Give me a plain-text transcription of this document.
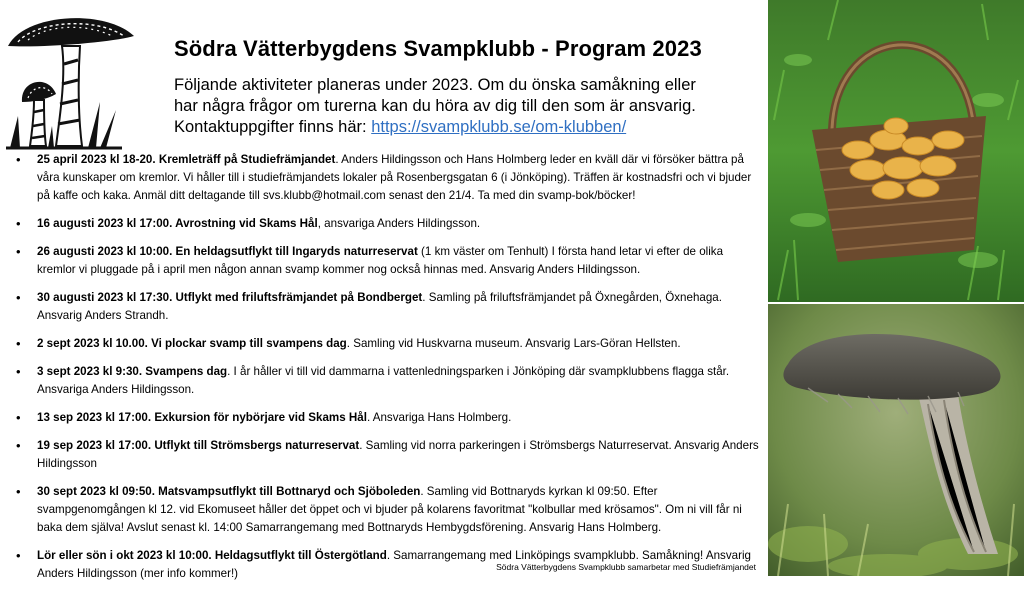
Södra Vätterbygdens Svampklubb - Program 2023
Följande aktiviteter planeras under 2023. Om du önska samåkning eller
har några frågor om turerna kan du höra av dig till den som är ansvarig.
Kontaktuppgifter finns här: https://svampklubb.se/om-klubben/
• 25 april 2023 kl 18-20. Kremleträff på Studiefrämjandet. Anders Hildingsson och Hans Holmberg leder en kväll där vi försöker bättra på våra kunskaper om kremlor. Vi håller till i studiefrämjandets lokaler på Rosenbergsgatan 6 (i Jönköping). Träffen är kostnadsfri och vi bjuder på kaffe och kaka. Anmäl ditt deltagande till svs.klubb@hotmail.com senast den 21/4. Ta med din svamp-bok/böcker!
• 16 augusti 2023 kl 17:00. Avrostning vid Skams Hål, ansvariga Anders Hildingsson.
• 26 augusti 2023 kl 10:00. En heldagsutflykt till Ingaryds naturreservat (1 km väster om Tenhult) I första hand letar vi efter de olika kremlor vi pluggade på i april men någon annan svamp kommer nog också hinnas med. Ansvarig Anders Hildingsson.
• 30 augusti 2023 kl 17:30. Utflykt med friluftsfrämjandet på Bondberget. Samling på friluftsfrämjandet på Öxnegården, Öxnehaga. Ansvarig Anders Strandh.
• 2 sept 2023 kl 10.00. Vi plockar svamp till svampens dag. Samling vid Huskvarna museum. Ansvarig Lars-Göran Hellsten.
• 3 sept 2023 kl 9:30. Svampens dag. I år håller vi till vid dammarna i vattenledningsparken i Jönköping där svampklubbens flagga står. Ansvariga Anders Hildingsson.
• 13 sep 2023 kl 17:00. Exkursion för nybörjare vid Skams Hål. Ansvariga Hans Holmberg.
• 19 sep 2023 kl 17:00. Utflykt till Strömsbergs naturreservat. Samling vid norra parkeringen i Strömsbergs Naturreservat. Ansvarig Anders Hildingsson
• 30 sept 2023 kl 09:50. Matsvampsutflykt till Bottnaryd och Sjöboleden. Samling vid Bottnaryds kyrkan kl 09:50. Efter svampgenomgången kl 12. vid Ekomuseet håller det öppet och vi bjuder på kolarens favoritmat "kolbullar med krösamos". Om ni vill får ni baka dem själva! Avslut senast kl. 14:00 Samarrangemang med Bottnaryds Hembygdsförening. Ansvarig Hans Holmberg.
• Lör eller sön i okt 2023 kl 10:00. Heldagsutflykt till Östergötland. Samarrangemang med Linköpings svampklubb. Samåkning! Ansvarig Anders Hildingsson (mer info kommer!)	Södra Vätterbygdens Svampklubb samarbetar med Studiefrämjandet
